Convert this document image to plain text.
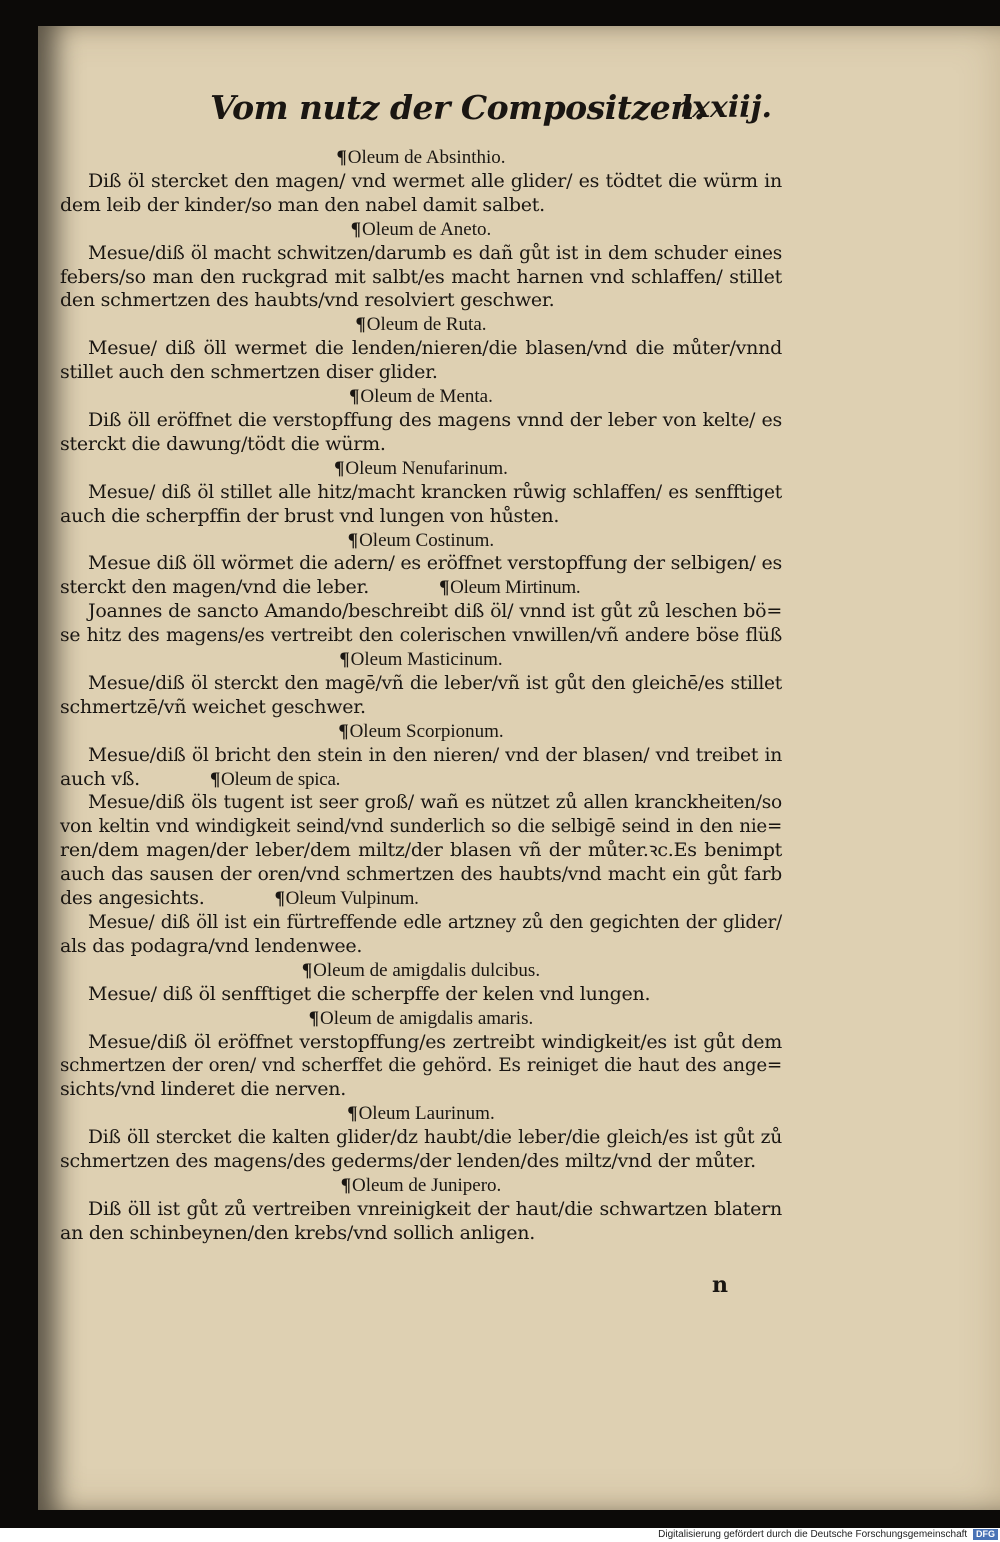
Vom nutz der Compositzen.
lxxiij.
¶Oleum de Absinthio.
Diß öl stercket den magen/ vnd wermet alle glider/ es tödtet die würm in
dem leib der kinder/so man den nabel damit salbet.
¶Oleum de Aneto.
Mesue/diß öl macht schwitzen/darumb es dañ gůt ist in dem schuder eines
febers/so man den ruckgrad mit salbt/es macht harnen vnd schlaffen/ stillet
den schmertzen des haubts/vnd resolviert geschwer.
¶Oleum de Ruta.
Mesue/ diß öll wermet die lenden/nieren/die blasen/vnd die můter/vnnd
stillet auch den schmertzen diser glider.
¶Oleum de Menta.
Diß öll eröffnet die verstopffung des magens vnnd der leber von kelte/ es
sterckt die dawung/tödt die würm.
¶Oleum Nenufarinum.
Mesue/ diß öl stillet alle hitz/macht krancken růwig schlaffen/ es senfftiget
auch die scherpffin der brust vnd lungen von hůsten.
¶Oleum Costinum.
Mesue diß öll wörmet die adern/ es eröffnet verstopffung der selbigen/ es
sterckt den magen/vnd die leber.	¶Oleum Mirtinum.
Joannes de sancto Amando/beschreibt diß öl/ vnnd ist gůt zů leschen bö=
se hitz des magens/es vertreibt den colerischen vnwillen/vñ andere böse flüß
¶Oleum Masticinum.
Mesue/diß öl sterckt den magē/vñ die leber/vñ ist gůt den gleichē/es stillet
schmertzē/vñ weichet geschwer.
¶Oleum Scorpionum.
Mesue/diß öl bricht den stein in den nieren/ vnd der blasen/ vnd treibet in
auch vß.	¶Oleum de spica.
Mesue/diß öls tugent ist seer groß/ wañ es nützet zů allen kranckheiten/so
von keltin vnd windigkeit seind/vnd sunderlich so die selbigē seind in den nie=
ren/dem magen/der leber/dem miltz/der blasen vñ der můter.ꝛc.Es benimpt
auch das sausen der oren/vnd schmertzen des haubts/vnd macht ein gůt farb
des angesichts.	¶Oleum Vulpinum.
Mesue/ diß öll ist ein fürtreffende edle artzney zů den gegichten der glider/
als das podagra/vnd lendenwee.
¶Oleum de amigdalis dulcibus.
Mesue/ diß öl senfftiget die scherpffe der kelen vnd lungen.
¶Oleum de amigdalis amaris.
Mesue/diß öl eröffnet verstopffung/es zertreibt windigkeit/es ist gůt dem
schmertzen der oren/ vnd scherffet die gehörd. Es reiniget die haut des ange=
sichts/vnd linderet die nerven.
¶Oleum Laurinum.
Diß öll stercket die kalten glider/dz haubt/die leber/die gleich/es ist gůt zů
schmertzen des magens/des gederms/der lenden/des miltz/vnd der můter.
¶Oleum de Junipero.
Diß öll ist gůt zů vertreiben vnreinigkeit der haut/die schwartzen blatern
an den schinbeynen/den krebs/vnd sollich anligen.
n
Digitalisierung gefördert durch die Deutsche Forschungsgemeinschaft DFG
